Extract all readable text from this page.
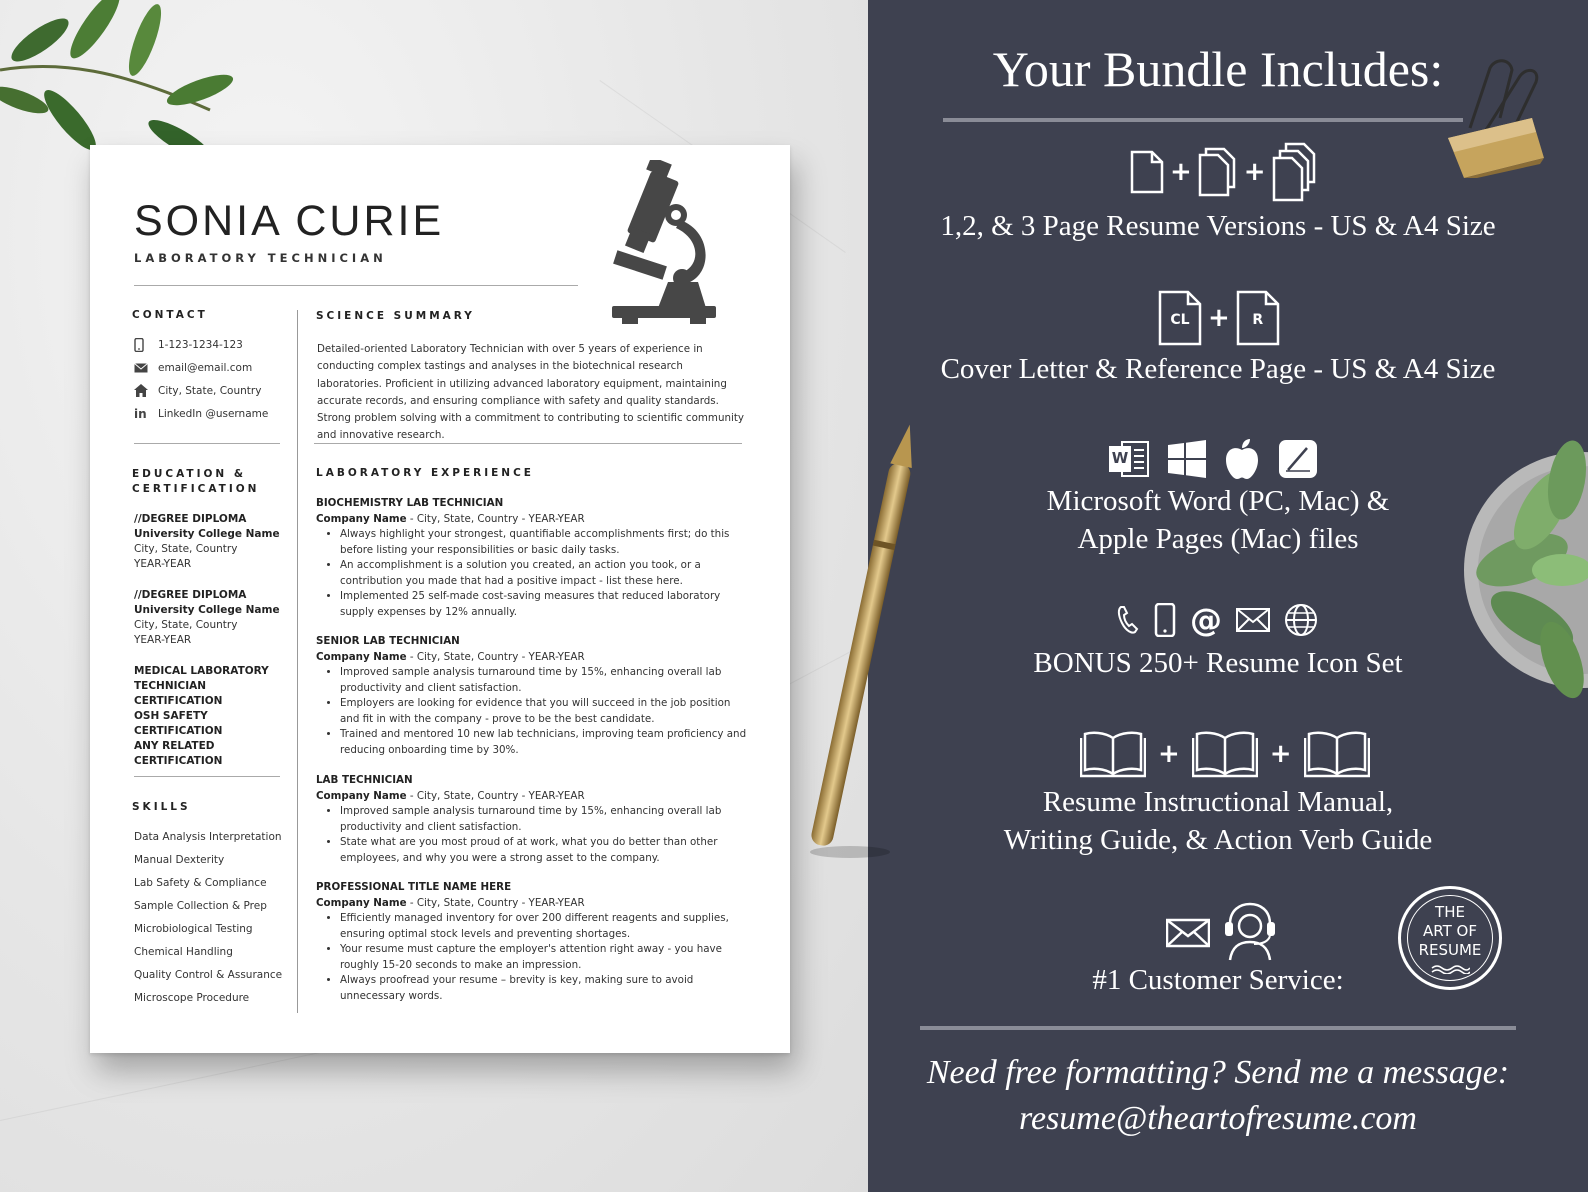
SONIA CURIE
LABORATORY TECHNICIAN
CONTACT
1-123-1234-123
email@email.com
City, State, Country
in	LinkedIn @username
EDUCATION & CERTIFICATION
//DEGREE DIPLOMA
University College Name
City, State, Country
YEAR-YEAR
//DEGREE DIPLOMA
University College Name
City, State, Country
YEAR-YEAR
MEDICAL LABORATORY TECHNICIAN CERTIFICATION
OSH SAFETY CERTIFICATION
ANY RELATED CERTIFICATION
SKILLS
Data Analysis Interpretation
Manual Dexterity
Lab Safety & Compliance
Sample Collection & Prep
Microbiological Testing
Chemical Handling
Quality Control & Assurance
Microscope Procedure
SCIENCE SUMMARY
Detailed-oriented Laboratory Technician with over 5 years of experience in conducting complex tastings and analyses in the biotechnical research laboratories. Proficient in utilizing advanced laboratory equipment, maintaining accurate records, and ensuring compliance with safety and quality standards. Strong problem solving with a commitment to contributing to scientific community and innovative research.
LABORATORY EXPERIENCE
BIOCHEMISTRY LAB TECHNICIAN
Company Name - City, State, Country - YEAR-YEAR
• Always highlight your strongest, quantifiable accomplishments first; do this before listing your responsibilities or basic daily tasks.
• An accomplishment is a solution you created, an action you took, or a contribution you made that had a positive impact - list these here.
• Implemented 25 self-made cost-saving measures that reduced laboratory supply expenses by 12% annually.
SENIOR LAB TECHNICIAN
Company Name - City, State, Country - YEAR-YEAR
• Improved sample analysis turnaround time by 15%, enhancing overall lab productivity and client satisfaction.
• Employers are looking for evidence that you will succeed in the job position and fit in with the company - prove to be the best candidate.
• Trained and mentored 10 new lab technicians, improving team proficiency and reducing onboarding time by 30%.
LAB TECHNICIAN
Company Name - City, State, Country - YEAR-YEAR
• Improved sample analysis turnaround time by 15%, enhancing overall lab productivity and client satisfaction.
• State what are you most proud of at work, what you do better than other employees, and why you were a strong asset to the company.
PROFESSIONAL TITLE NAME HERE
Company Name - City, State, Country - YEAR-YEAR
• Efficiently managed inventory for over 200 different reagents and supplies, ensuring optimal stock levels and preventing shortages.
• Your resume must capture the employer's attention right away - you have roughly 15-20 seconds to make an impression.
• Always proofread your resume – brevity is key, making sure to avoid unnecessary words.
Your Bundle Includes:
+ +
1,2, & 3 Page Resume Versions - US & A4 Size
CL +	R
Cover Letter & Reference Page - US & A4 Size
W
Microsoft Word (PC, Mac) &
Apple Pages (Mac) files
@
BONUS 250+ Resume Icon Set
+	+
Resume Instructional Manual,
Writing Guide, & Action Verb Guide
#1 Customer Service:
THE
ART OF
RESUME
Need free formatting? Send me a message:
resume@theartofresume.com
